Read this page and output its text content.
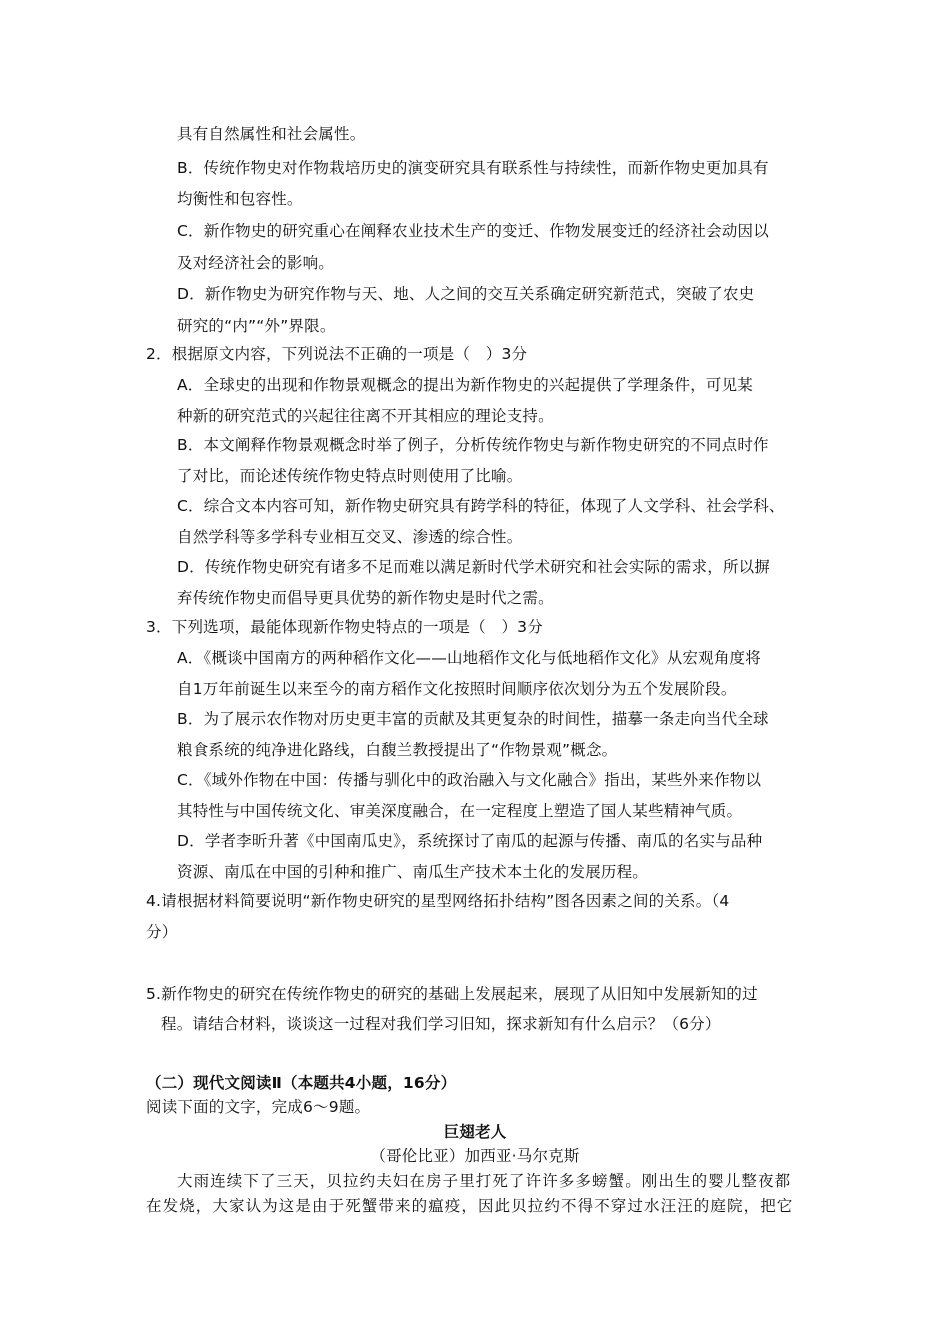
具有自然属性和社会属性。
B．传统作物史对作物栽培历史的演变研究具有联系性与持续性，而新作物史更加具有
均衡性和包容性。
C．新作物史的研究重心在阐释农业技术生产的变迁、作物发展变迁的经济社会动因以
及对经济社会的影响。
D．新作物史为研究作物与天、地、人之间的交互关系确定研究新范式，突破了农史
研究的“内”“外”界限。
2．根据原文内容，下列说法不正确的一项是（　）3分
A．全球史的出现和作物景观概念的提出为新作物史的兴起提供了学理条件，可见某
种新的研究范式的兴起往往离不开其相应的理论支持。
B．本文阐释作物景观概念时举了例子，分析传统作物史与新作物史研究的不同点时作
了对比，而论述传统作物史特点时则使用了比喻。
C．综合文本内容可知，新作物史研究具有跨学科的特征，体现了人文学科、社会学科、
自然学科等多学科专业相互交叉、渗透的综合性。
D．传统作物史研究有诸多不足而难以满足新时代学术研究和社会实际的需求，所以摒
弃传统作物史而倡导更具优势的新作物史是时代之需。
3．下列选项，最能体现新作物史特点的一项是（　）3分
A．《概谈中国南方的两种稻作文化——山地稻作文化与低地稻作文化》从宏观角度将
自1万年前诞生以来至今的南方稻作文化按照时间顺序依次划分为五个发展阶段。
B．为了展示农作物对历史更丰富的贡献及其更复杂的时间性，描摹一条走向当代全球
粮食系统的纯净进化路线，白馥兰教授提出了“作物景观”概念。
C．《域外作物在中国：传播与驯化中的政治融入与文化融合》指出，某些外来作物以
其特性与中国传统文化、审美深度融合，在一定程度上塑造了国人某些精神气质。
D．学者李昕升著《中国南瓜史》，系统探讨了南瓜的起源与传播、南瓜的名实与品种
资源、南瓜在中国的引种和推广、南瓜生产技术本土化的发展历程。
4.请根据材料简要说明“新作物史研究的星型网络拓扑结构”图各因素之间的关系。（4
分）
5.新作物史的研究在传统作物史的研究的基础上发展起来，展现了从旧知中发展新知的过
程。请结合材料，谈谈这一过程对我们学习旧知，探求新知有什么启示？（6分）
（二）现代文阅读Ⅱ（本题共4小题，16分）
阅读下面的文字，完成6～9题。
巨翅老人
（哥伦比亚）加西亚·马尔克斯
大雨连续下了三天，贝拉约夫妇在房子里打死了许许多多螃蟹。刚出生的婴儿整夜都
在发烧，大家认为这是由于死蟹带来的瘟疫，因此贝拉约不得不穿过水汪汪的庭院，把它
